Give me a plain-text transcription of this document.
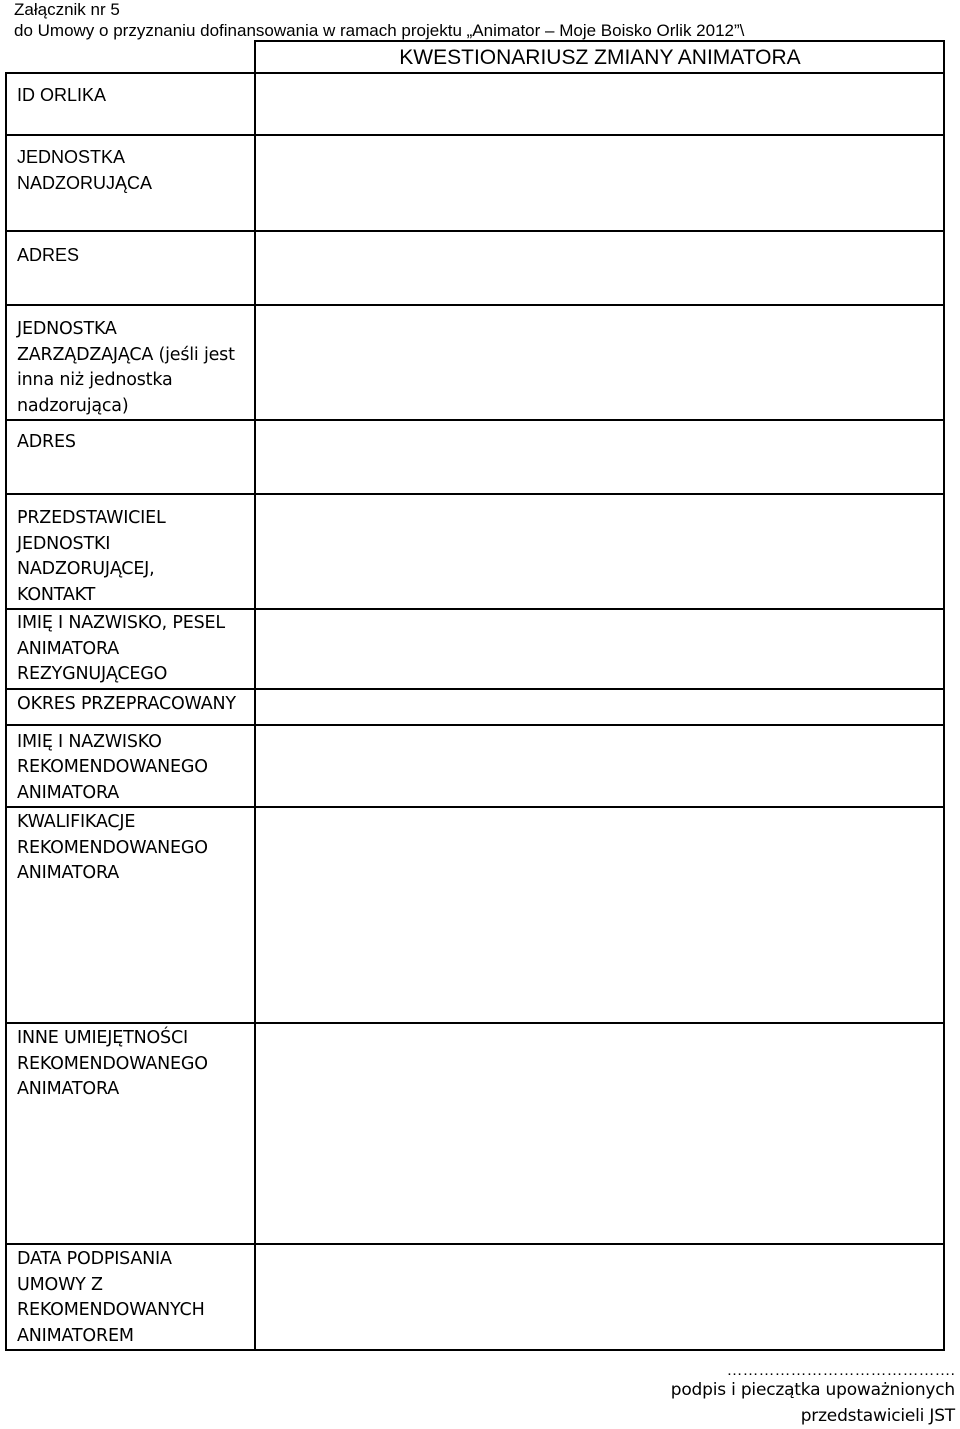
Załącznik nr 5
do Umowy o przyznaniu dofinansowania w ramach projektu „Animator – Moje Boisko Orlik 2012”\

ID ORLIKA	

JEDNOSTKA
NADZORUJĄCA	

ADRES	

JEDNOSTKA
ZARZĄDZAJĄCA (jeśli jest
inna niż jednostka
nadzorująca)	

ADRES	

PRZEDSTAWICIEL
JEDNOSTKI
NADZORUJĄCEJ,
KONTAKT	

IMIĘ I NAZWISKO, PESEL
ANIMATORA
REZYGNUJĄCEGO	

OKRES PRZEPRACOWANY	

IMIĘ I NAZWISKO
REKOMENDOWANEGO
ANIMATORA	

KWALIFIKACJE
REKOMENDOWANEGO
ANIMATORA	

INNE UMIEJĘTNOŚCI
REKOMENDOWANEGO
ANIMATORA	

DATA PODPISANIA
UMOWY Z
REKOMENDOWANYCH
ANIMATOREM	

KWESTIONARIUSZ ZMIANY ANIMATORA
…………………………………….
podpis i pieczątka upoważnionych
przedstawicieli JST
